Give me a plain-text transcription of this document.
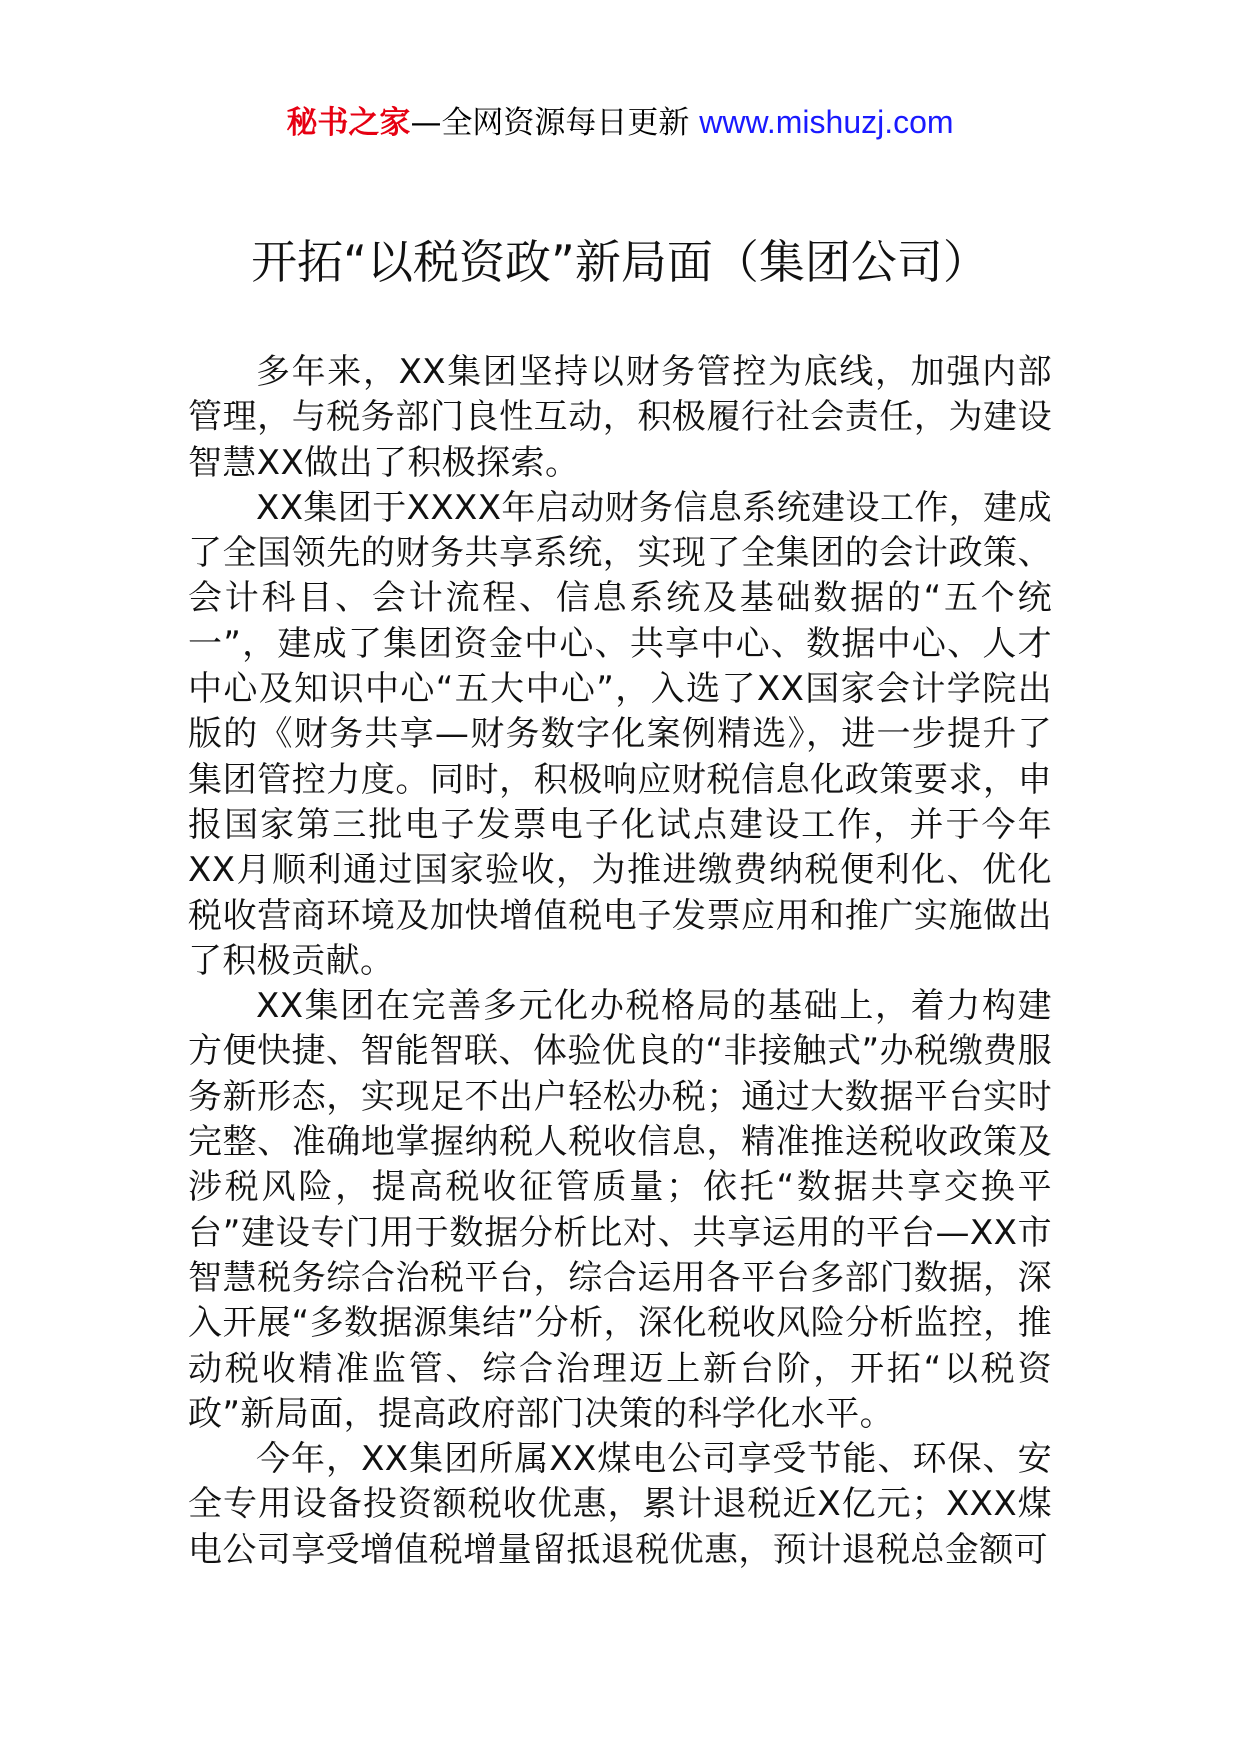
秘书之家—全网资源每日更新 www.mishuzj.com
开拓“以税资政”新局面（集团公司）

多年来，XX集团坚持以财务管控为底线，加强内部管理，与税务部门良性互动，积极履行社会责任，为建设智慧XX做出了积极探索。

XX集团于XXXX年启动财务信息系统建设工作，建成了全国领先的财务共享系统，实现了全集团的会计政策、会计科目、会计流程、信息系统及基础数据的“五个统一”，建成了集团资金中心、共享中心、数据中心、人才中心及知识中心“五大中心”，入选了XX国家会计学院出版的《财务共享—财务数字化案例精选》，进一步提升了集团管控力度。同时，积极响应财税信息化政策要求，申报国家第三批电子发票电子化试点建设工作，并于今年XX月顺利通过国家验收，为推进缴费纳税便利化、优化税收营商环境及加快增值税电子发票应用和推广实施做出了积极贡献。

XX集团在完善多元化办税格局的基础上，着力构建方便快捷、智能智联、体验优良的“非接触式”办税缴费服务新形态，实现足不出户轻松办税；通过大数据平台实时完整、准确地掌握纳税人税收信息，精准推送税收政策及涉税风险，提高税收征管质量；依托“数据共享交换平台”建设专门用于数据分析比对、共享运用的平台—XX市智慧税务综合治税平台，综合运用各平台多部门数据，深入开展“多数据源集结”分析，深化税收风险分析监控，推动税收精准监管、综合治理迈上新台阶，开拓“以税资政”新局面，提高政府部门决策的科学化水平。

今年，XX集团所属XX煤电公司享受节能、环保、安全专用设备投资额税收优惠，累计退税近X亿元；XXX煤电公司享受增值税增量留抵退税优惠，预计退税总金额可
